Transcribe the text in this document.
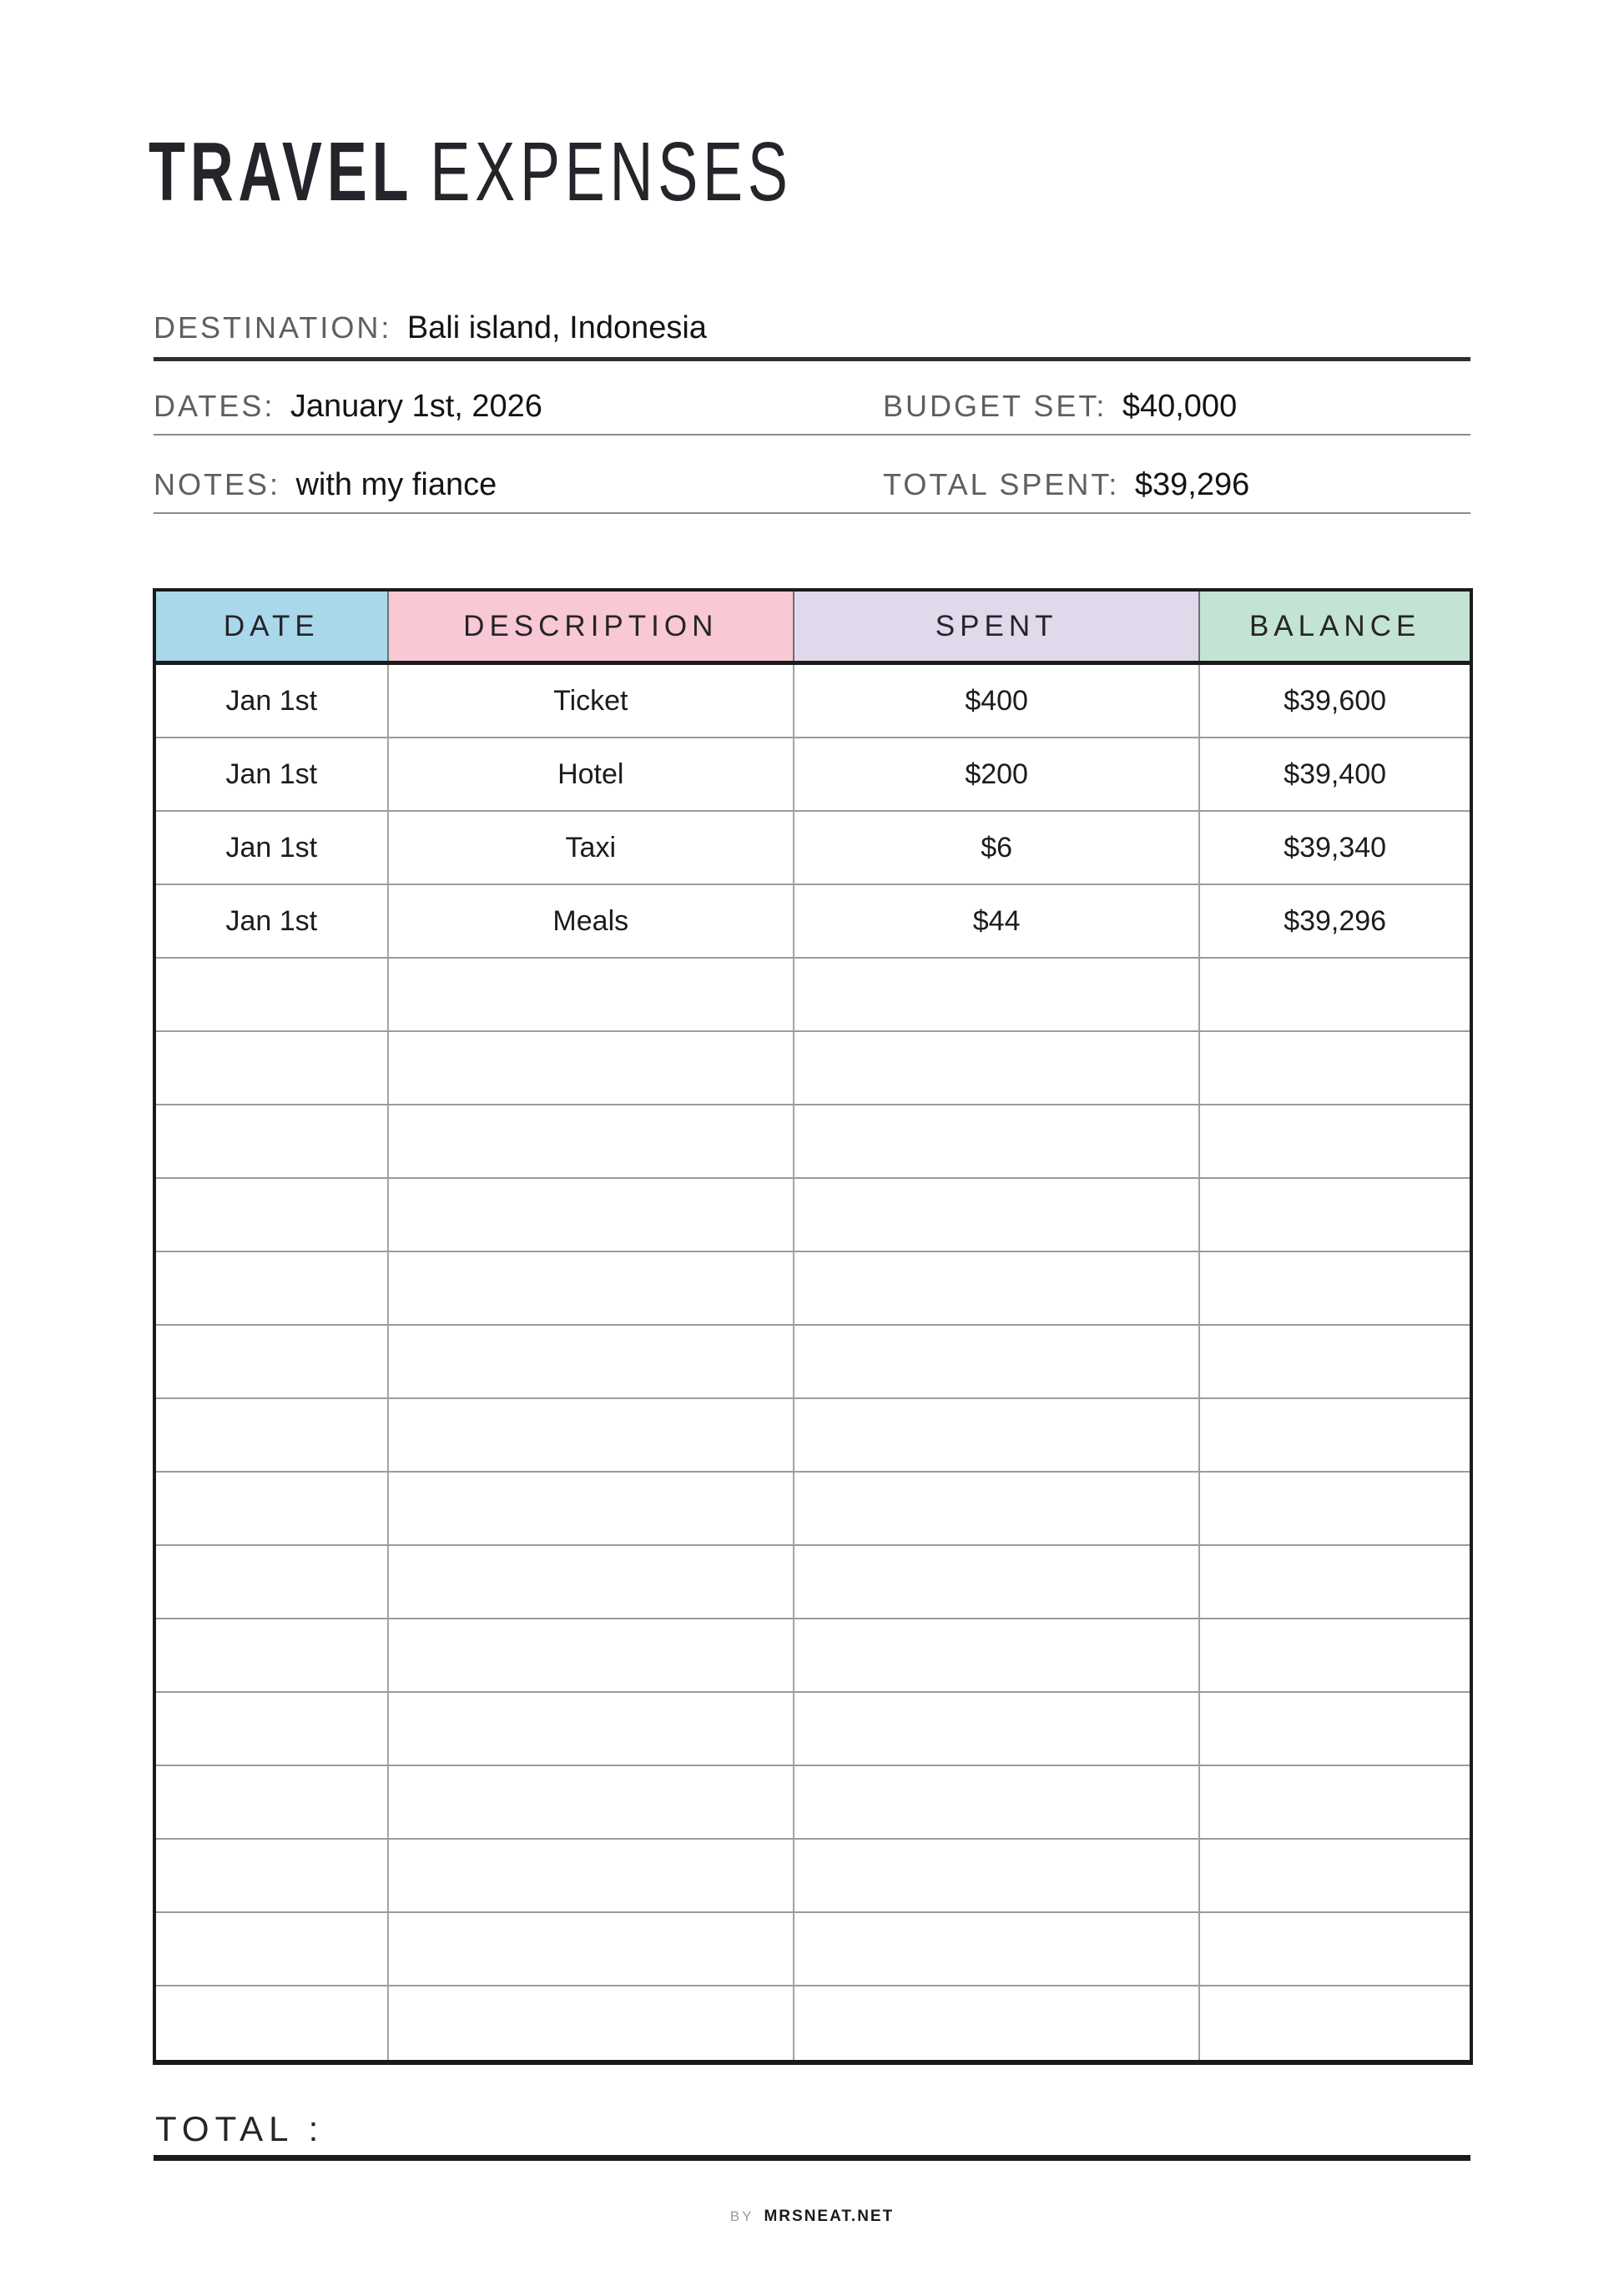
TRAVEL EXPENSES
DESTINATION: Bali island, Indonesia
DATES: January 1st, 2026	BUDGET SET: $40,000
NOTES: with my fiance	TOTAL SPENT: $39,296
DATE	DESCRIPTION	SPENT	BALANCE
Jan 1st	Ticket	$400	$39,600
Jan 1st	Hotel	$200	$39,400
Jan 1st	Taxi	$6	$39,340
Jan 1st	Meals	$44	$39,296
TOTAL :
BY MRSNEAT.NET
